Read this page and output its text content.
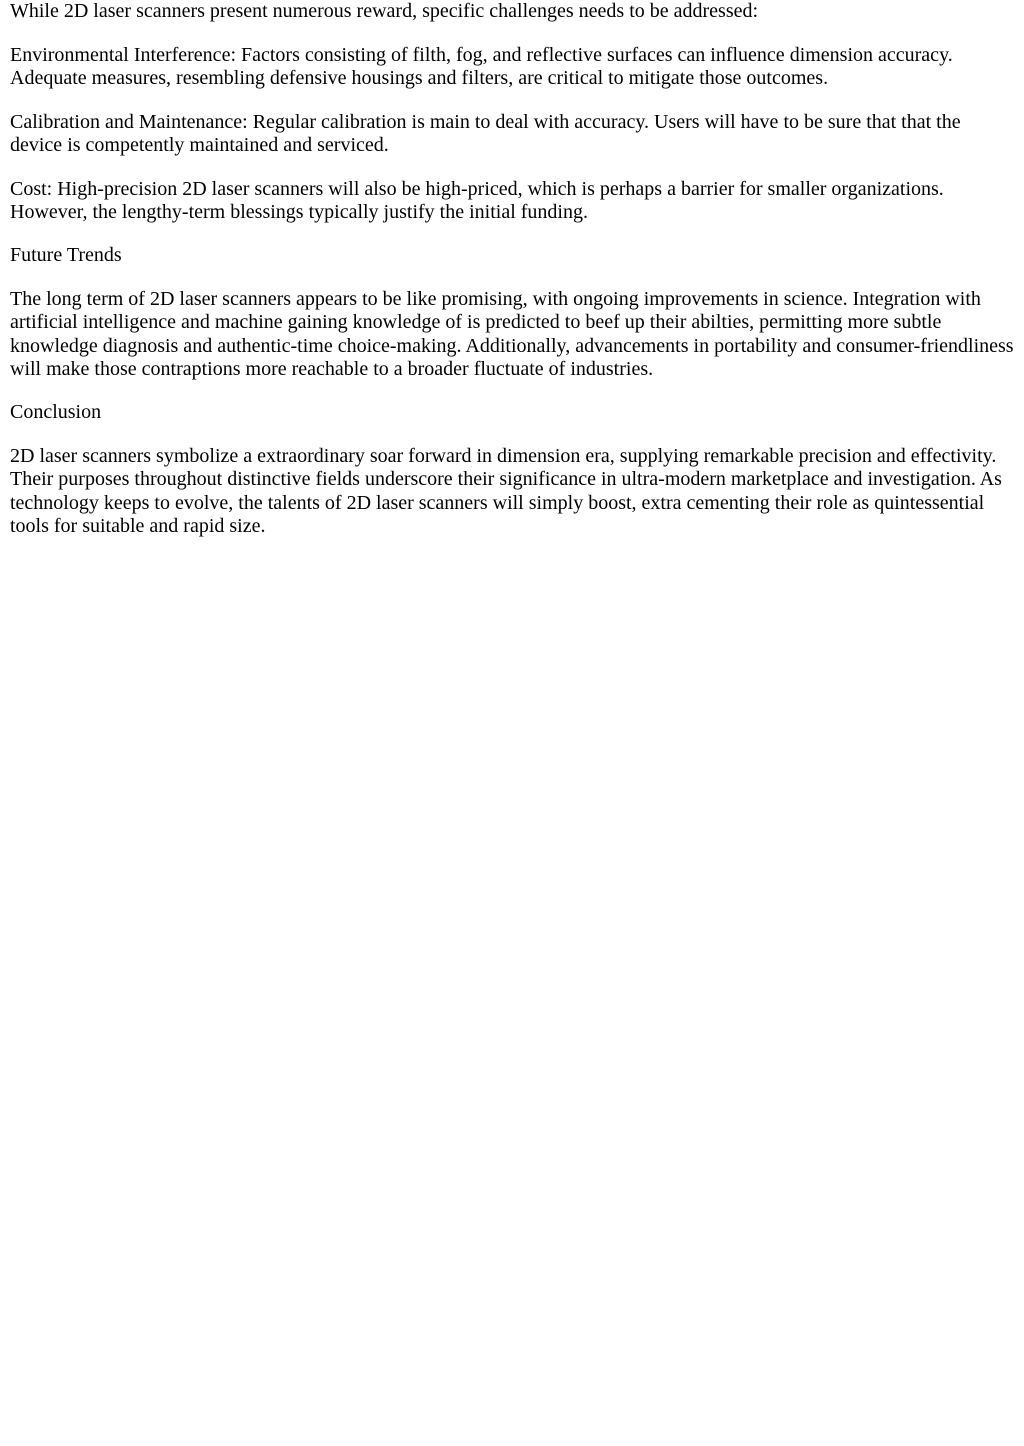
While 2D laser scanners present numerous reward, specific challenges needs to be addressed:

Environmental Interference: Factors consisting of filth, fog, and reflective surfaces can influence dimension accuracy. Adequate measures, resembling defensive housings and filters, are critical to mitigate those outcomes.

Calibration and Maintenance: Regular calibration is main to deal with accuracy. Users will have to be sure that that the device is competently maintained and serviced.

Cost: High-precision 2D laser scanners will also be high-priced, which is perhaps a barrier for smaller organizations. However, the lengthy-term blessings typically justify the initial funding.

Future Trends

The long term of 2D laser scanners appears to be like promising, with ongoing improvements in science. Integration with artificial intelligence and machine gaining knowledge of is predicted to beef up their abilties, permitting more subtle knowledge diagnosis and authentic-time choice-making. Additionally, advancements in portability and consumer-friendliness will make those contraptions more reachable to a broader fluctuate of industries.

Conclusion

2D laser scanners symbolize a extraordinary soar forward in dimension era, supplying remarkable precision and effectivity. Their purposes throughout distinctive fields underscore their significance in ultra-modern marketplace and investigation. As technology keeps to evolve, the talents of 2D laser scanners will simply boost, extra cementing their role as quintessential tools for suitable and rapid size.
